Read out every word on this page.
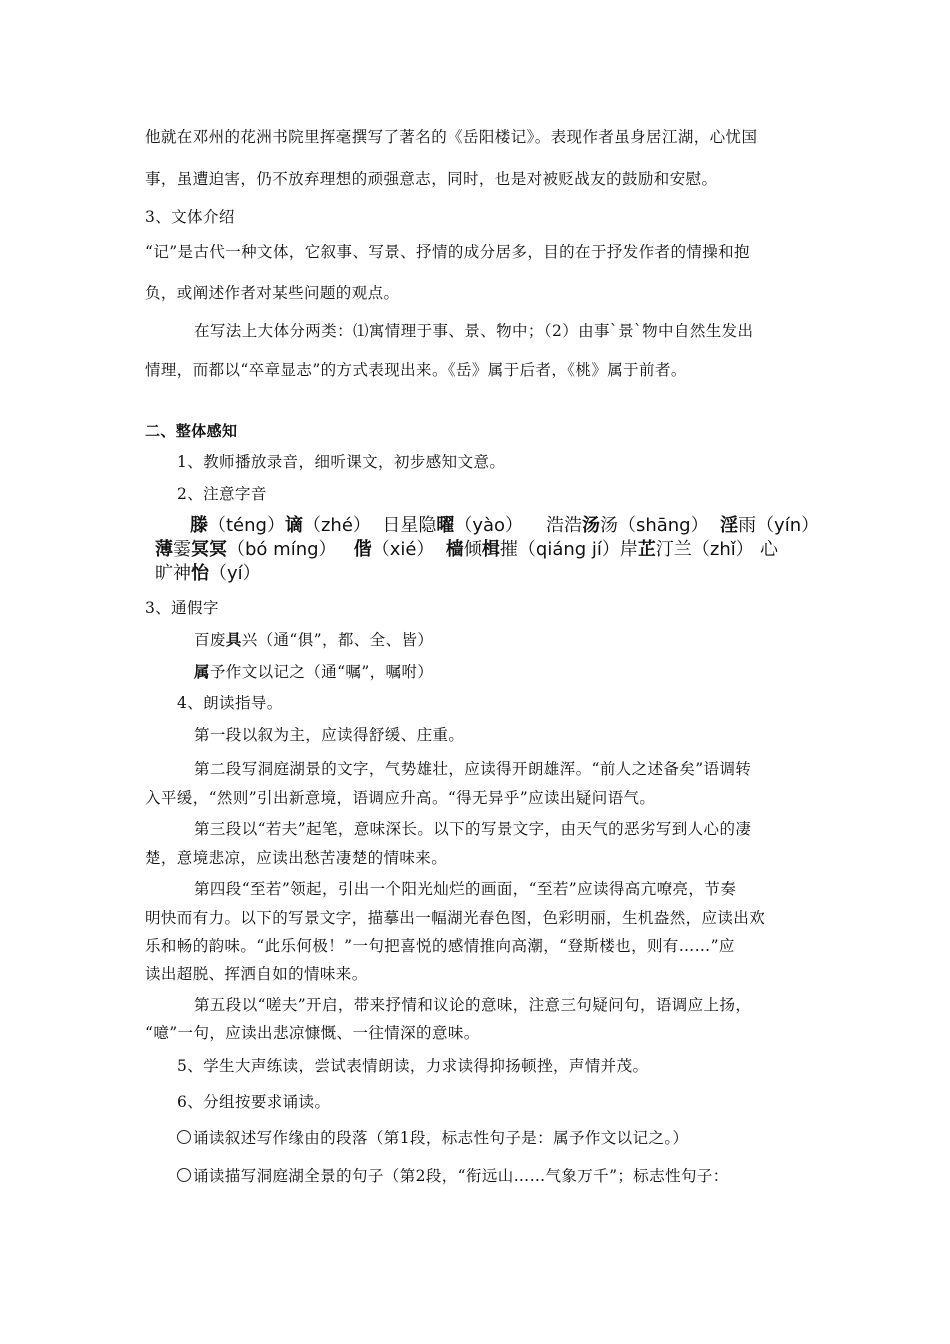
他就在邓州的花洲书院里挥毫撰写了著名的《岳阳楼记》。表现作者虽身居江湖，心忧国
事，虽遭迫害，仍不放弃理想的顽强意志，同时，也是对被贬战友的鼓励和安慰。
3、文体介绍
“记”是古代一种文体，它叙事、写景、抒情的成分居多，目的在于抒发作者的情操和抱
负，或阐述作者对某些问题的观点。
在写法上大体分两类：⑴寓情理于事、景、物中；（2）由事`景`物中自然生发出
情理，而都以“卒章显志”的方式表现出来。《岳》属于后者，《桃》属于前者。
二、整体感知
1、教师播放录音，细听课文，初步感知文意。
2、注意字音
滕（téng）谪（zhé） 日星隐曜（yào） 浩浩汤汤（shāng） 淫雨（yín）
薄霎冥冥（bó míng） 偕（xié） 樯倾楫摧（qiáng jí）岸芷汀兰（zhǐ） 心
旷神怡（yí）
3、通假字
百废具兴（通“俱”，都、全、皆）
属予作文以记之（通“嘱”，嘱咐）
4、朗读指导。
第一段以叙为主，应读得舒缓、庄重。
第二段写洞庭湖景的文字，气势雄壮，应读得开朗雄浑。“前人之述备矣”语调转
入平缓，“然则”引出新意境，语调应升高。“得无异乎”应读出疑问语气。
第三段以“若夫”起笔，意味深长。以下的写景文字，由天气的恶劣写到人心的凄
楚，意境悲凉，应读出愁苦凄楚的情味来。
第四段“至若”领起，引出一个阳光灿烂的画面，“至若”应读得高亢嘹亮，节奏
明快而有力。以下的写景文字，描摹出一幅湖光春色图，色彩明丽，生机盎然，应读出欢
乐和畅的韵味。“此乐何极！”一句把喜悦的感情推向高潮，“登斯楼也，则有……”应
读出超脱、挥洒自如的情味来。
第五段以“嗟夫”开启，带来抒情和议论的意味，注意三句疑问句，语调应上扬，
“噫”一句，应读出悲凉慷慨、一往情深的意味。
5、学生大声练读，尝试表情朗读，力求读得抑扬顿挫，声情并茂。
6、分组按要求诵读。
诵读叙述写作缘由的段落（第1段，标志性句子是：属予作文以记之。）
诵读描写洞庭湖全景的句子（第2段，“衔远山……气象万千”；标志性句子：
